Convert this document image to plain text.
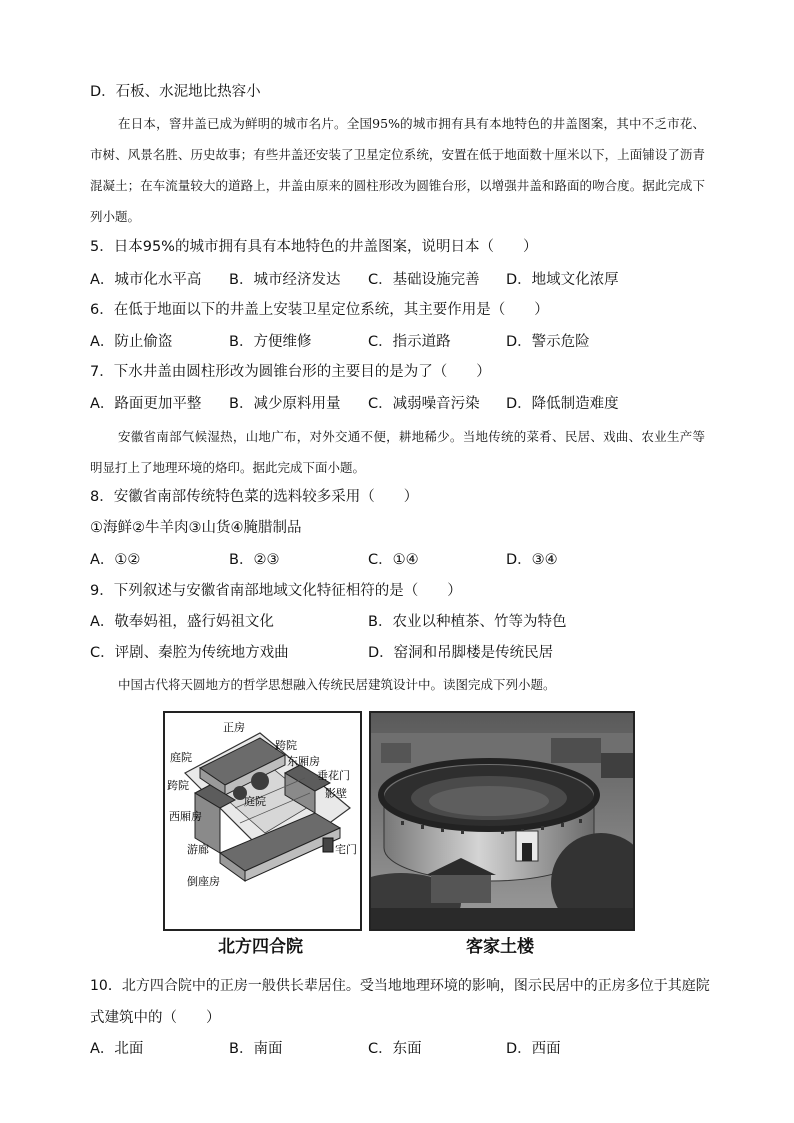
D．石板、水泥地比热容小
在日本，窨井盖已成为鲜明的城市名片。全国95%的城市拥有具有本地特色的井盖图案，其中不乏市花、市树、风景名胜、历史故事；有些井盖还安装了卫星定位系统，安置在低于地面数十厘米以下，上面铺设了沥青混凝土；在车流量较大的道路上，井盖由原来的圆柱形改为圆锥台形，以增强井盖和路面的吻合度。据此完成下列小题。
5．日本95%的城市拥有具有本地特色的井盖图案，说明日本（　　）
A．城市化水平高 B．城市经济发达 C．基础设施完善 D．地域文化浓厚
6．在低于地面以下的井盖上安装卫星定位系统，其主要作用是（　　）
A．防止偷盗	B．方便维修	C．指示道路	D．警示危险
7．下水井盖由圆柱形改为圆锥台形的主要目的是为了（　　）
A．路面更加平整 B．减少原料用量 C．减弱噪音污染 D．降低制造难度
安徽省南部气候湿热，山地广布，对外交通不便，耕地稀少。当地传统的菜肴、民居、戏曲、农业生产等明显打上了地理环境的烙印。据此完成下面小题。
8．安徽省南部传统特色菜的选料较多采用（　　）
①海鲜②牛羊肉③山货④腌腊制品
A．①②	B．②③	C．①④	D．③④
9．下列叙述与安徽省南部地域文化特征相符的是（　　）
A．敬奉妈祖，盛行妈祖文化	B．农业以种植茶、竹等为特色
C．评剧、秦腔为传统地方戏曲	D．窑洞和吊脚楼是传统民居
中国古代将天圆地方的哲学思想融入传统民居建筑设计中。读图完成下列小题。
正房
庭院
跨院
东厢房
跨院
垂花门
影壁
庭院
西厢房
游廊	宅门
倒座房
北方四合院	客家土楼
10．北方四合院中的正房一般供长辈居住。受当地地理环境的影响，图示民居中的正房多位于其庭院
式建筑中的（　　）
A．北面	B．南面	C．东面	D．西面
